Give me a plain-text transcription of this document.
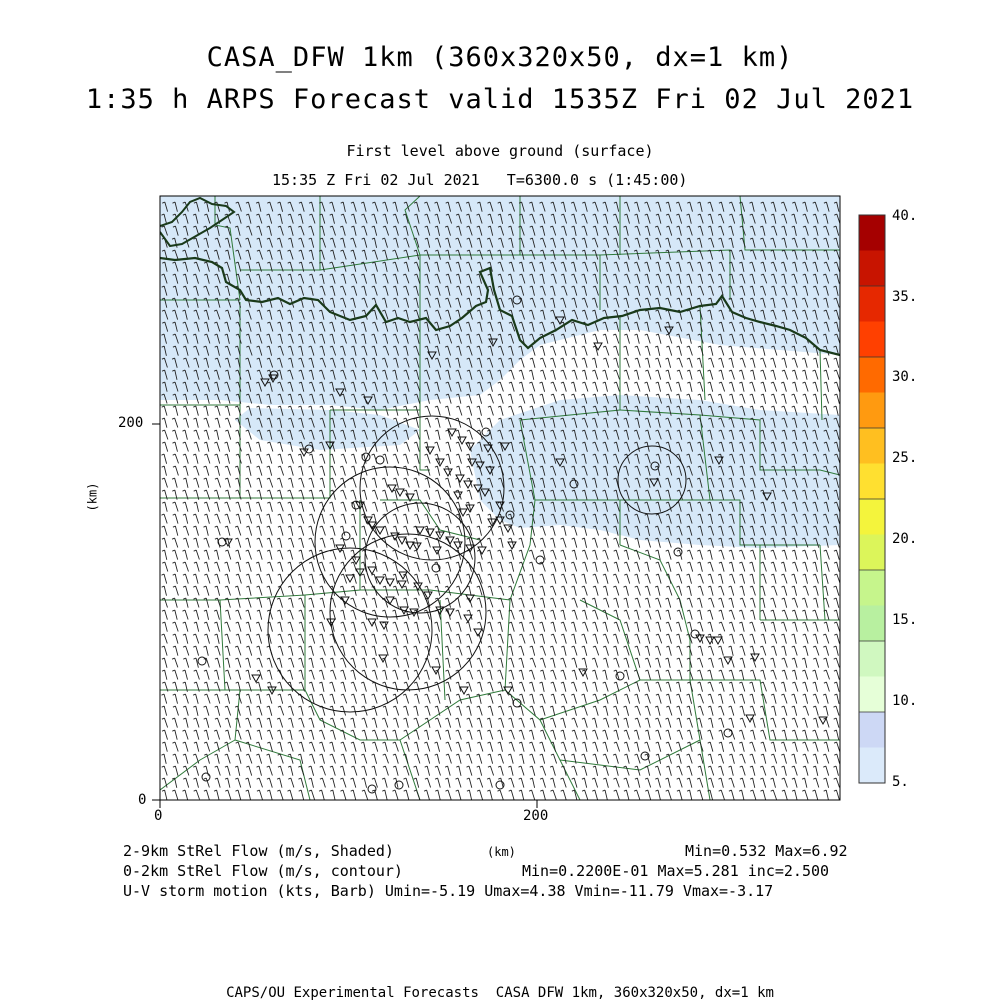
CASA_DFW 1km (360x320x50, dx=1 km)
1:35 h ARPS Forecast valid 1535Z Fri 02 Jul 2021
First level above ground (surface)
15:35 Z Fri 02 Jul 2021   T=6300.0 s (1:45:00)
200
0
0	200
(km)
(km)
40.
35.
30.
25.
20.
15.
10.
5.
2-9km StRel Flow (m/s, Shaded)	Min=0.532 Max=6.92
0-2km StRel Flow (m/s, contour)	Min=0.2200E-01 Max=5.281 inc=2.500
U-V storm motion (kts, Barb) Umin=-5.19 Umax=4.38 Vmin=-11.79 Vmax=-3.17
CAPS/OU Experimental Forecasts  CASA DFW 1km, 360x320x50, dx=1 km
